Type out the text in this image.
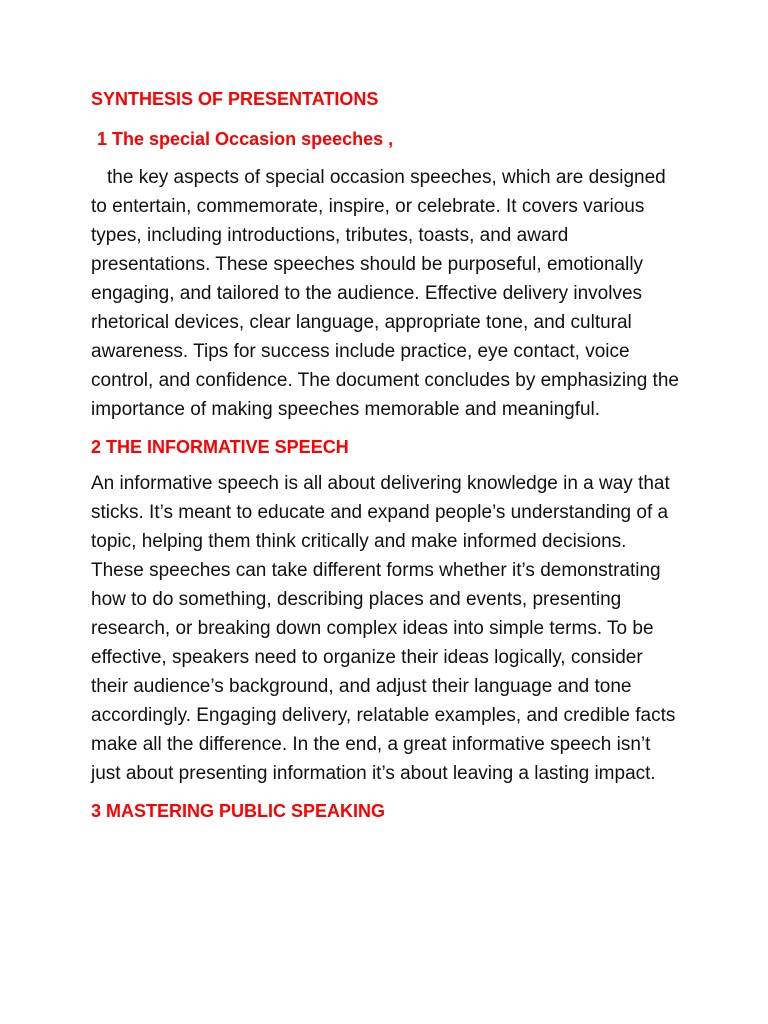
SYNTHESIS OF PRESENTATIONS
1 The special Occasion speeches ,

the key aspects of special occasion speeches, which are designed to entertain, commemorate, inspire, or celebrate. It covers various types, including introductions, tributes, toasts, and award presentations. These speeches should be purposeful, emotionally engaging, and tailored to the audience. Effective delivery involves rhetorical devices, clear language, appropriate tone, and cultural awareness. Tips for success include practice, eye contact, voice control, and confidence. The document concludes by emphasizing the importance of making speeches memorable and meaningful.

2 THE INFORMATIVE SPEECH

An informative speech is all about delivering knowledge in a way that sticks. It’s meant to educate and expand people’s understanding of a topic, helping them think critically and make informed decisions. These speeches can take different forms whether it’s demonstrating how to do something, describing places and events, presenting research, or breaking down complex ideas into simple terms. To be effective, speakers need to organize their ideas logically, consider their audience’s background, and adjust their language and tone accordingly. Engaging delivery, relatable examples, and credible facts make all the difference. In the end, a great informative speech isn’t just about presenting information it’s about leaving a lasting impact.

3 MASTERING PUBLIC SPEAKING
